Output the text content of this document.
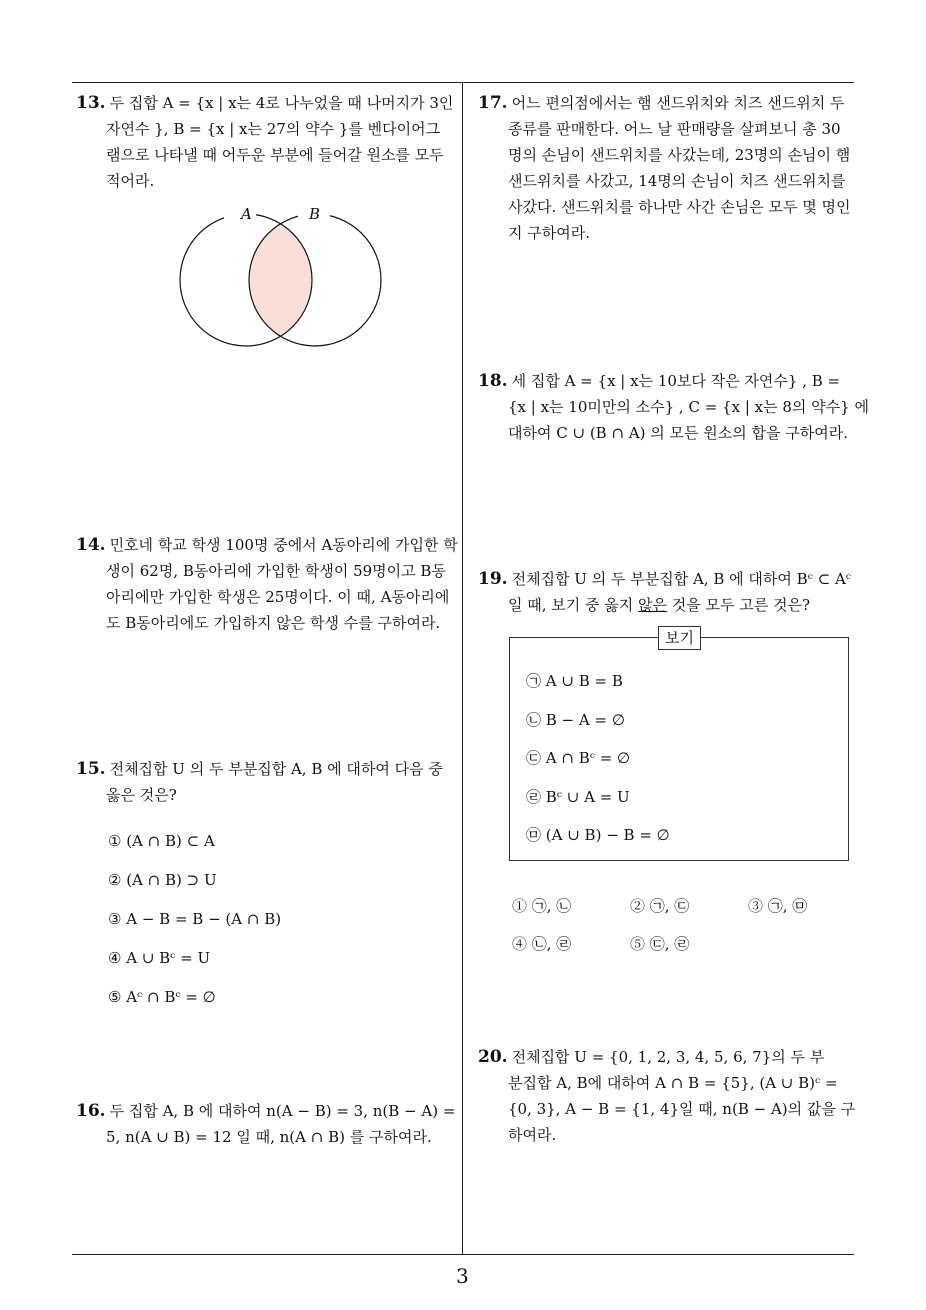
13. 두 집합 A = {x | x는 4로 나누었을 때 나머지가 3인
자연수 }, B = {x | x는 27의 약수 }를 벤다이어그
램으로 나타낼 때 어두운 부분에 들어갈 원소를 모두
적어라.
A	B
14. 민호네 학교 학생 100명 중에서 A동아리에 가입한 학
생이 62명, B동아리에 가입한 학생이 59명이고 B동
아리에만 가입한 학생은 25명이다. 이 때, A동아리에
도 B동아리에도 가입하지 않은 학생 수를 구하여라.
15. 전체집합 U 의 두 부분집합 A, B 에 대하여 다음 중
옳은 것은?
① (A ∩ B) ⊂ A
② (A ∩ B) ⊃ U
③ A − B = B − (A ∩ B)
④ A ∪ Bᶜ = U
⑤ Aᶜ ∩ Bᶜ = ∅
16. 두 집합 A, B 에 대하여 n(A − B) = 3, n(B − A) =
5, n(A ∪ B) = 12 일 때, n(A ∩ B) 를 구하여라.
17. 어느 편의점에서는 햄 샌드위치와 치즈 샌드위치 두
종류를 판매한다. 어느 날 판매량을 살펴보니 총 30
명의 손님이 샌드위치를 사갔는데, 23명의 손님이 햄
샌드위치를 사갔고, 14명의 손님이 치즈 샌드위치를
사갔다. 샌드위치를 하나만 사간 손님은 모두 몇 명인
지 구하여라.
18. 세 집합 A = {x | x는 10보다 작은 자연수} , B =
{x | x는 10미만의 소수} , C = {x | x는 8의 약수} 에
대하여 C ∪ (B ∩ A) 의 모든 원소의 합을 구하여라.
19. 전체집합 U 의 두 부분집합 A, B 에 대하여 Bᶜ ⊂ Aᶜ
일 때, 보기 중 옳지 않은 것을 모두 고른 것은?
보기
㉠ A ∪ B = B
㉡ B − A = ∅
㉢ A ∩ Bᶜ = ∅
㉣ Bᶜ ∪ A = U
㉤ (A ∪ B) − B = ∅
① ㉠, ㉡	② ㉠, ㉢	③ ㉠, ㉤
④ ㉡, ㉣	⑤ ㉢, ㉣
20. 전체집합 U = {0, 1, 2, 3, 4, 5, 6, 7}의 두 부
분집합 A, B에 대하여 A ∩ B = {5}, (A ∪ B)ᶜ =
{0, 3}, A − B = {1, 4}일 때, n(B − A)의 값을 구
하여라.
3
